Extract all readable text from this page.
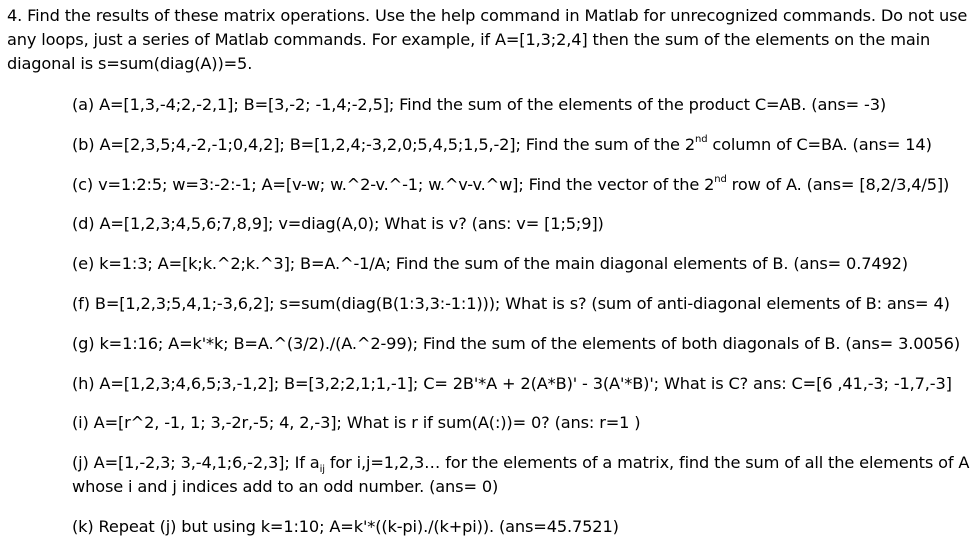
4. Find the results of these matrix operations. Use the help command in Matlab for unrecognized commands. Do not use
any loops, just a series of Matlab commands. For example, if A=[1,3;2,4] then the sum of the elements on the main
diagonal is s=sum(diag(A))=5.
(a) A=[1,3,-4;2,-2,1]; B=[3,-2; -1,4;-2,5]; Find the sum of the elements of the product C=AB. (ans= -3)
(b) A=[2,3,5;4,-2,-1;0,4,2]; B=[1,2,4;-3,2,0;5,4,5;1,5,-2]; Find the sum of the 2nd column of C=BA. (ans= 14)
(c) v=1:2:5; w=3:-2:-1; A=[v-w; w.^2-v.^-1; w.^v-v.^w]; Find the vector of the 2nd row of A. (ans= [8,2/3,4/5])
(d) A=[1,2,3;4,5,6;7,8,9]; v=diag(A,0); What is v? (ans: v= [1;5;9])
(e) k=1:3; A=[k;k.^2;k.^3]; B=A.^-1/A; Find the sum of the main diagonal elements of B. (ans= 0.7492)
(f) B=[1,2,3;5,4,1;-3,6,2]; s=sum(diag(B(1:3,3:-1:1))); What is s? (sum of anti-diagonal elements of B: ans= 4)
(g) k=1:16; A=k'*k; B=A.^(3/2)./(A.^2-99); Find the sum of the elements of both diagonals of B. (ans= 3.0056)
(h) A=[1,2,3;4,6,5;3,-1,2]; B=[3,2;2,1;1,-1]; C= 2B'*A + 2(A*B)' - 3(A'*B)'; What is C? ans: C=[6 ,41,-3; -1,7,-3]
(i) A=[r^2, -1, 1; 3,-2r,-5; 4, 2,-3]; What is r if sum(A(:))= 0? (ans: r=1 )
(j) A=[1,-2,3; 3,-4,1;6,-2,3]; If $a_{ij}$ for i,j=1,2,3… for the elements of a matrix, find the sum of all the elements of A
whose i and j indices add to an odd number. (ans= 0)
(k) Repeat (j) but using k=1:10; A=k'*((k-pi)./(k+pi)). (ans=45.7521)
